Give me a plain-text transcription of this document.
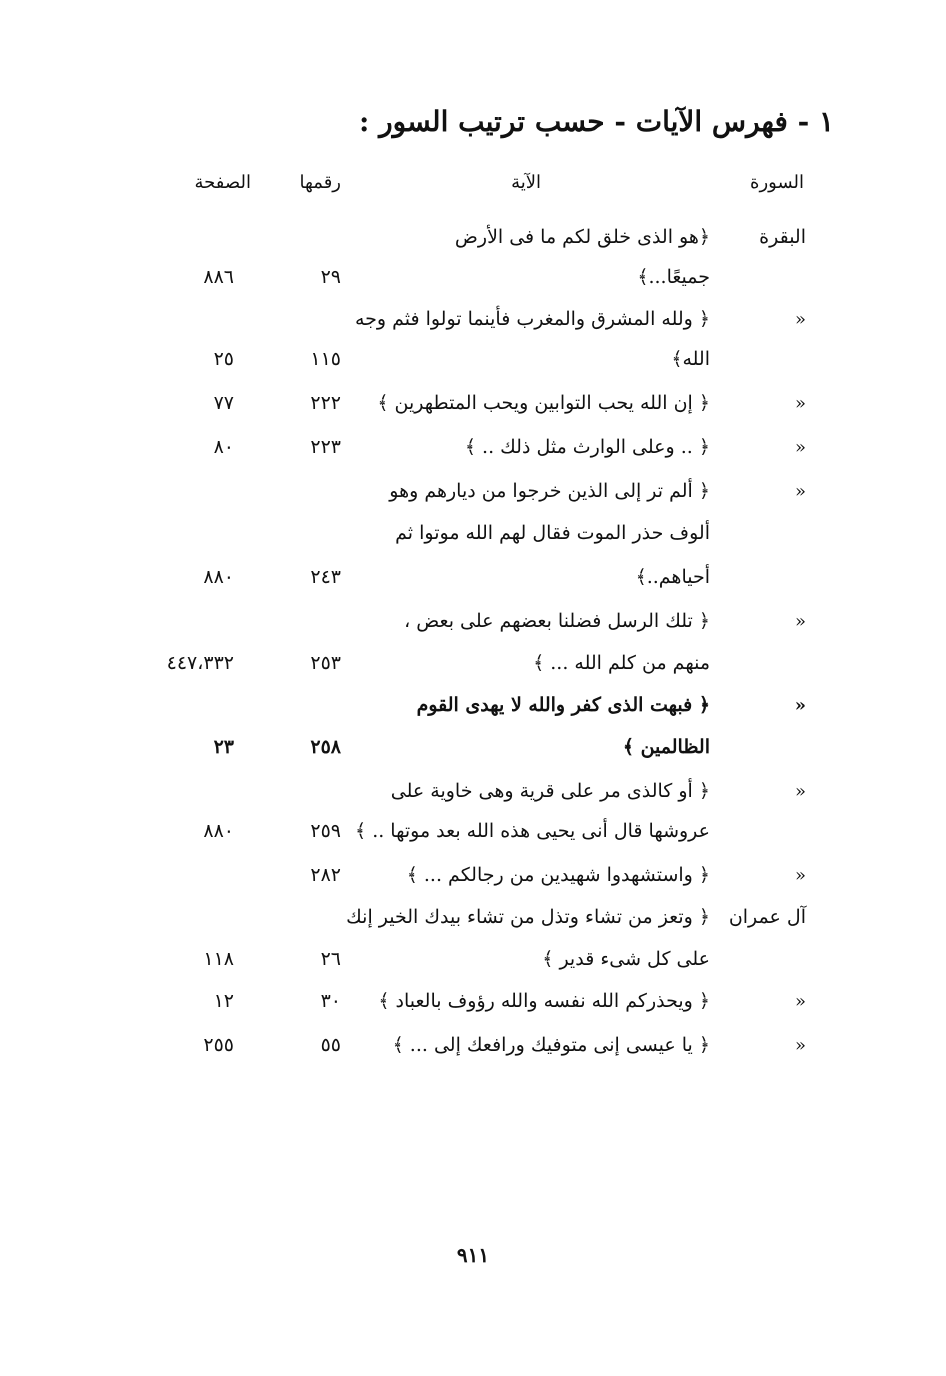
١ - فهرس الآيات - حسب ترتيب السور :
السورة
الآية
رقمها
الصفحة
البقرة
﴿هو الذى خلق لكم ما فى الأرض
جميعًا...﴾
٢٩
٨٨٦
«
﴿ ولله المشرق والمغرب فأينما تولوا فثم وجه
الله﴾
١١٥
٢٥
«
﴿ إن الله يحب التوابين ويحب المتطهرين ﴾
٢٢٢
٧٧
«
﴿ .. وعلى الوارث مثل ذلك .. ﴾
٢٢٣
٨٠
«
﴿ ألم تر إلى الذين خرجوا من ديارهم وهو
ألوف حذر الموت فقال لهم الله موتوا ثم
أحياهم..﴾
٢٤٣
٨٨٠
«
﴿ تلك الرسل فضلنا بعضهم على بعض ،
منهم من كلم الله ... ﴾
٢٥٣
٤٤٧،٣٣٢
«
﴿ فبهت الذى كفر والله لا يهدى القوم
الظالمين ﴾
٢٥٨
٢٣
«
﴿ أو كالذى مر على قرية وهى خاوية على
عروشها قال أنى يحيى هذه الله بعد موتها .. ﴾
٢٥٩
٨٨٠
«
﴿ واستشهدوا شهيدين من رجالكم ... ﴾
٢٨٢
آل عمران
﴿ وتعز من تشاء وتذل من تشاء بيدك الخير إنك
على كل شىء قدير ﴾
٢٦
١١٨
«
﴿ ويحذركم الله نفسه والله رؤوف بالعباد ﴾
٣٠
١٢
«
﴿ يا عيسى إنى متوفيك ورافعك إلى ... ﴾
٥٥
٢٥٥
٩١١
